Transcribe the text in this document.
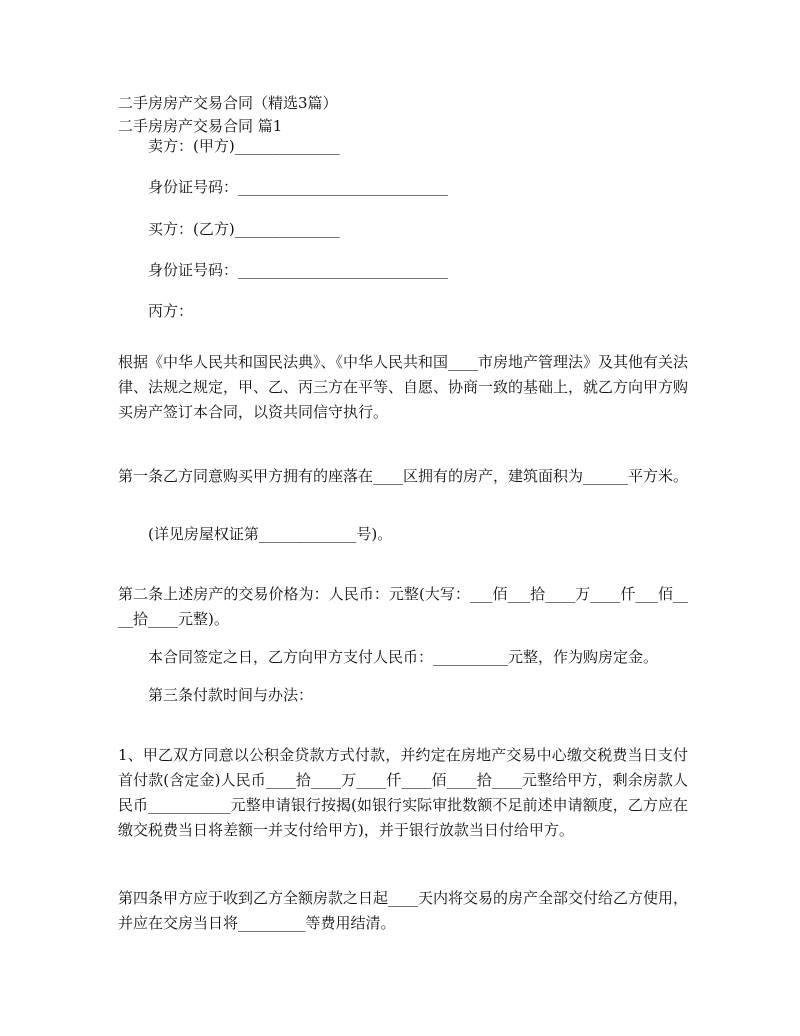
二手房房产交易合同（精选3篇）
二手房房产交易合同 篇1
卖方：(甲方)______________
身份证号码：____________________________
买方：(乙方)______________
身份证号码：____________________________
丙方：
根据《中华人民共和国民法典》、《中华人民共和国____市房地产管理法》及其他有关法律、法规之规定，甲、乙、丙三方在平等、自愿、协商一致的基础上，就乙方向甲方购买房产签订本合同，以资共同信守执行。
第一条乙方同意购买甲方拥有的座落在____区拥有的房产，建筑面积为______平方米。
(详见房屋权证第_____________号)。
第二条上述房产的交易价格为：人民币：元整(大写：___佰___拾____万____仟___佰____拾____元整)。
本合同签定之日，乙方向甲方支付人民币：__________元整，作为购房定金。
第三条付款时间与办法：
1、甲乙双方同意以公积金贷款方式付款，并约定在房地产交易中心缴交税费当日支付首付款(含定金)人民币____拾____万____仟____佰____拾____元整给甲方，剩余房款人民币___________元整申请银行按揭(如银行实际审批数额不足前述申请额度，乙方应在缴交税费当日将差额一并支付给甲方)，并于银行放款当日付给甲方。
第四条甲方应于收到乙方全额房款之日起____天内将交易的房产全部交付给乙方使用，并应在交房当日将_________等费用结清。
